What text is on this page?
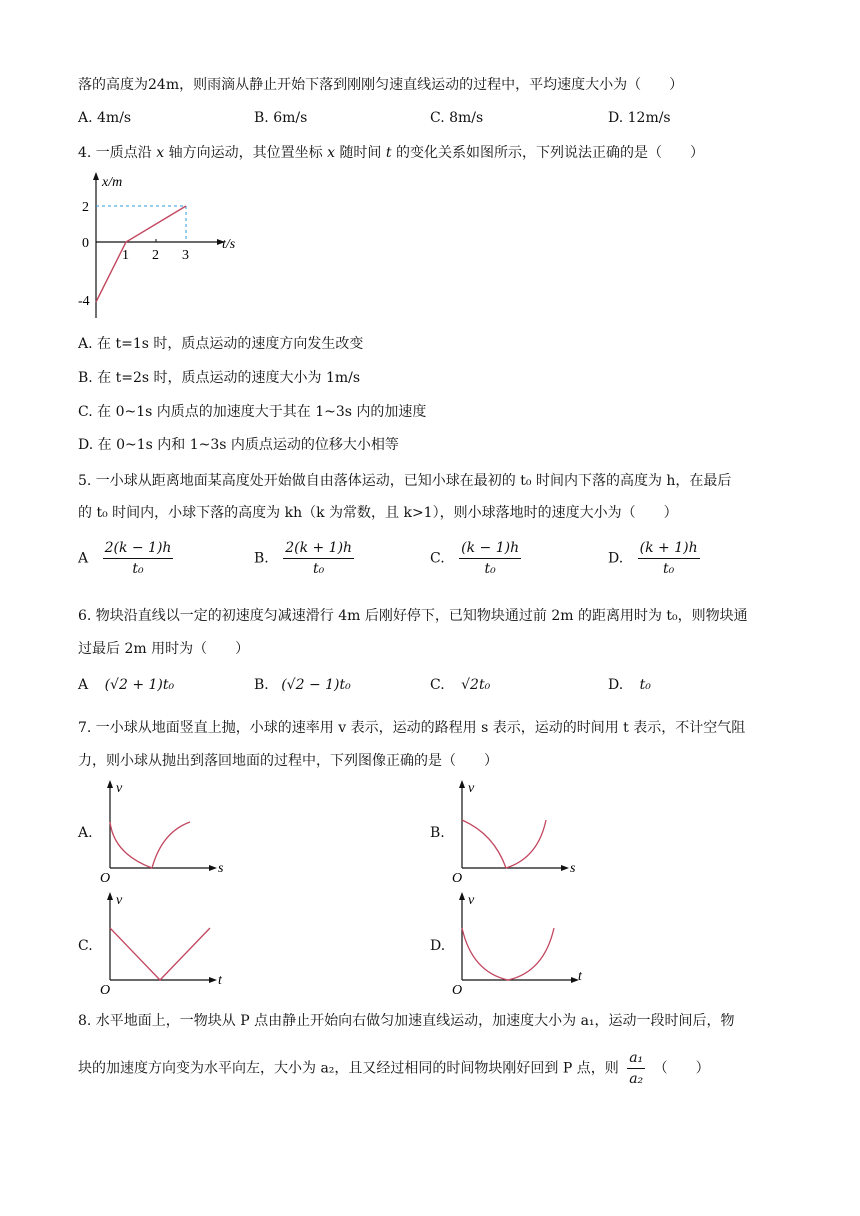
落的高度为24m，则雨滴从静止开始下落到刚刚匀速直线运动的过程中，平均速度大小为（　　）
A. 4m/s	B. 6m/s	C. 8m/s	D. 12m/s
4. 一质点沿 x 轴方向运动，其位置坐标 x 随时间 t 的变化关系如图所示，下列说法正确的是（　　）
x/m
t/s
2
0
-4
1 2 3
A. 在 t=1s 时，质点运动的速度方向发生改变
B. 在 t=2s 时，质点运动的速度大小为 1m/s
C. 在 0~1s 内质点的加速度大于其在 1~3s 内的加速度
D. 在 0~1s 内和 1~3s 内质点运动的位移大小相等
5. 一小球从距离地面某高度处开始做自由落体运动，已知小球在最初的 t₀ 时间内下落的高度为 h，在最后
的 t₀ 时间内，小球下落的高度为 kh（k 为常数，且 k>1），则小球落地时的速度大小为（　　）
A $\frac{2(k - 1)h}{\text{t₀}}$	B. $\frac{2(k + 1)h}{\text{t₀}}$	C. $\frac{(k - 1)h}{\text{t₀}}$	D. $\frac{(k + 1)h}{\text{t₀}}$
6. 物块沿直线以一定的初速度匀减速滑行 4m 后刚好停下，已知物块通过前 2m 的距离用时为 t₀，则物块通
过最后 2m 用时为（　　）
A (√2 + 1)t₀	B. (√2 − 1)t₀	C. √2t₀	D. t₀
7. 一小球从地面竖直上抛，小球的速率用 v 表示，运动的路程用 s 表示，运动的时间用 t 表示，不计空气阻
力，则小球从抛出到落回地面的过程中，下列图像正确的是（　　）
A.
v
s
O
B.
v
s
O
C.
v
t
O
D.
v
t
O
8. 水平地面上，一物块从 P 点由静止开始向右做匀加速直线运动，加速度大小为 a₁，运动一段时间后，物
块的加速度方向变为水平向左，大小为 a₂，且又经过相同的时间物块刚好回到 P 点，则 $\frac{\text{a₁}}{\text{a₂}}$ （　　）
